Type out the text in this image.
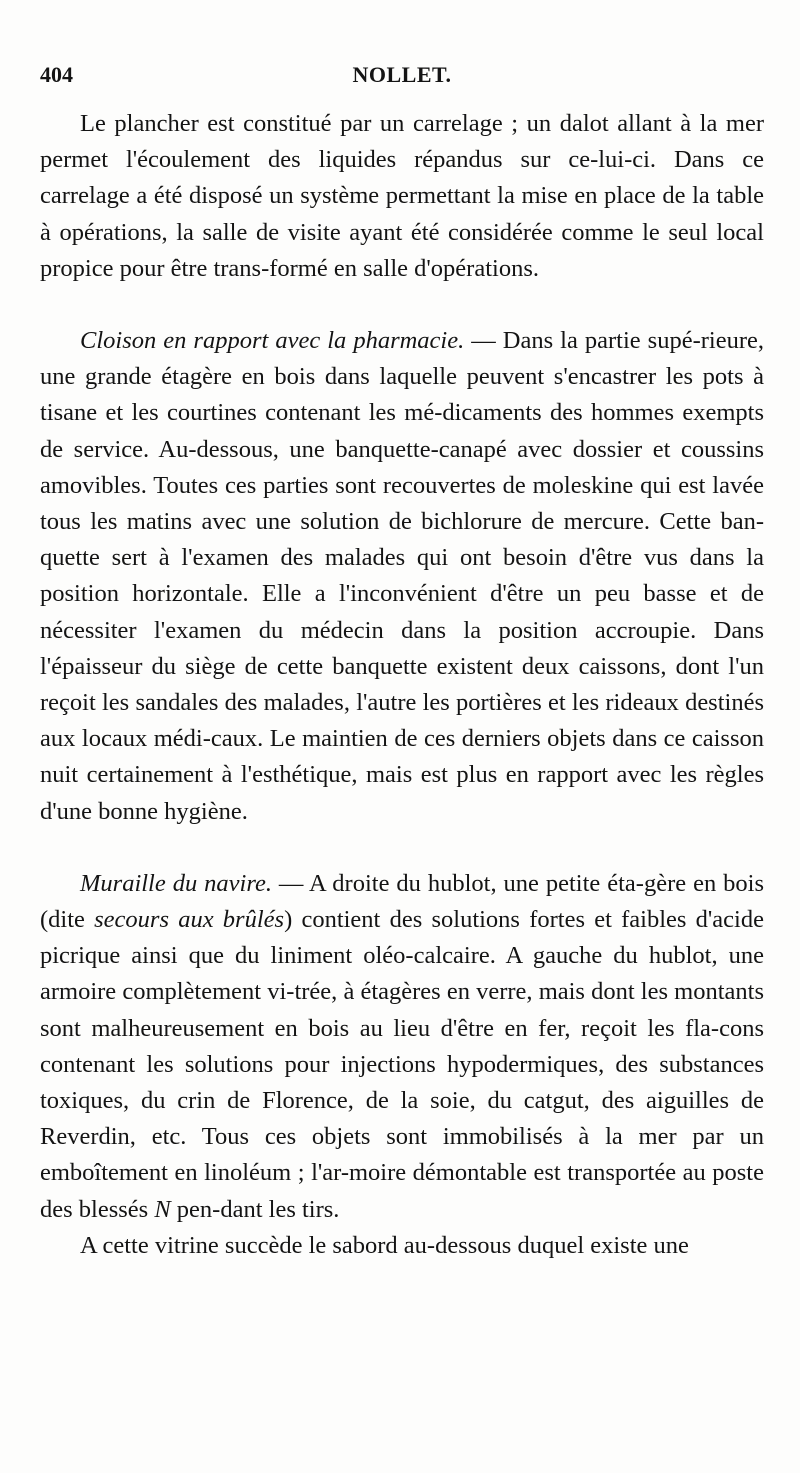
404	NOLLET.

Le plancher est constitué par un carrelage ; un dalot allant à la mer permet l'écoulement des liquides répandus sur ce-lui-ci. Dans ce carrelage a été disposé un système permettant la mise en place de la table à opérations, la salle de visite ayant été considérée comme le seul local propice pour être trans-formé en salle d'opérations.

Cloison en rapport avec la pharmacie. — Dans la partie supé-rieure, une grande étagère en bois dans laquelle peuvent s'encastrer les pots à tisane et les courtines contenant les mé-dicaments des hommes exempts de service. Au-dessous, une banquette-canapé avec dossier et coussins amovibles. Toutes ces parties sont recouvertes de moleskine qui est lavée tous les matins avec une solution de bichlorure de mercure. Cette ban-quette sert à l'examen des malades qui ont besoin d'être vus dans la position horizontale. Elle a l'inconvénient d'être un peu basse et de nécessiter l'examen du médecin dans la position accroupie. Dans l'épaisseur du siège de cette banquette existent deux caissons, dont l'un reçoit les sandales des malades, l'autre les portières et les rideaux destinés aux locaux médi-caux. Le maintien de ces derniers objets dans ce caisson nuit certainement à l'esthétique, mais est plus en rapport avec les règles d'une bonne hygiène.

Muraille du navire. — A droite du hublot, une petite éta-gère en bois (dite secours aux brûlés) contient des solutions fortes et faibles d'acide picrique ainsi que du liniment oléo-calcaire. A gauche du hublot, une armoire complètement vi-trée, à étagères en verre, mais dont les montants sont malheureusement en bois au lieu d'être en fer, reçoit les fla-cons contenant les solutions pour injections hypodermiques, des substances toxiques, du crin de Florence, de la soie, du catgut, des aiguilles de Reverdin, etc. Tous ces objets sont immobilisés à la mer par un emboîtement en linoléum ; l'ar-moire démontable est transportée au poste des blessés N pen-dant les tirs.

A cette vitrine succède le sabord au-dessous duquel existe une
